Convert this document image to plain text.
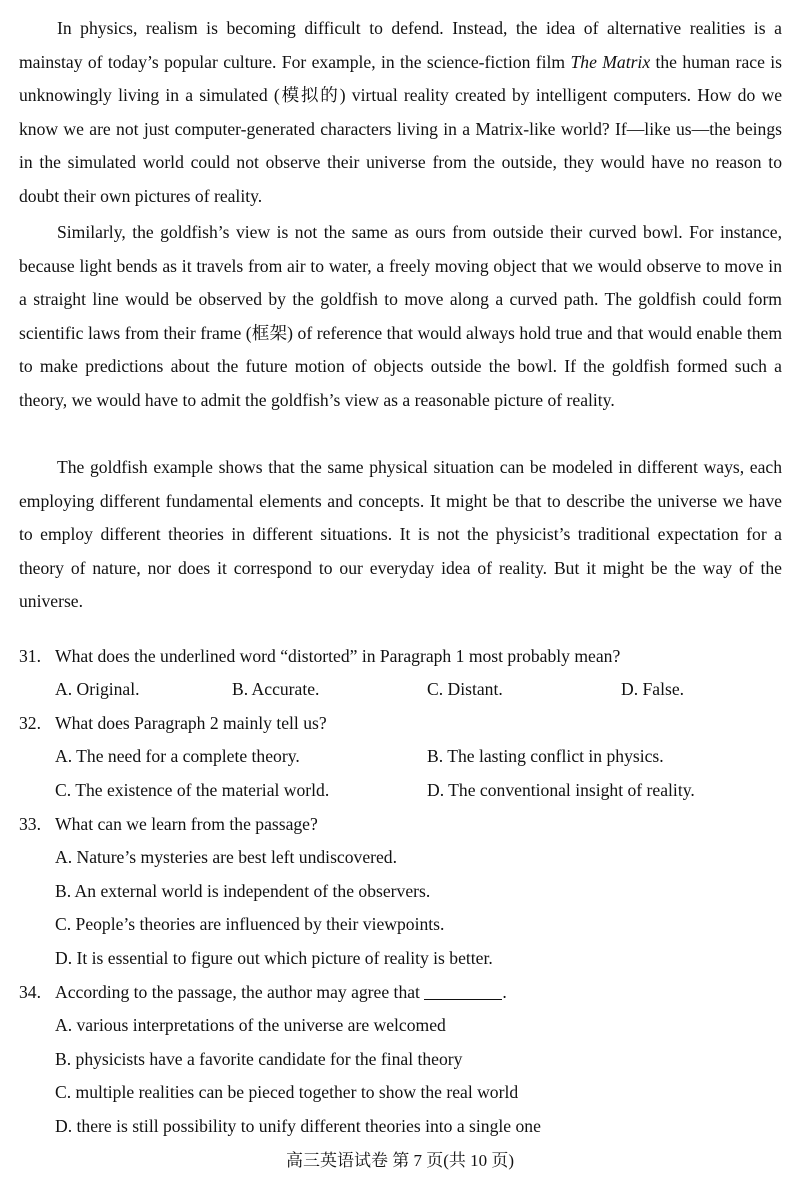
In physics, realism is becoming difficult to defend. Instead, the idea of alternative realities is a mainstay of today’s popular culture. For example, in the science-fiction film The Matrix the human race is unknowingly living in a simulated (模拟的) virtual reality created by intelligent computers. How do we know we are not just computer-generated characters living in a Matrix-like world? If—like us—the beings in the simulated world could not observe their universe from the outside, they would have no reason to doubt their own pictures of reality.

Similarly, the goldfish’s view is not the same as ours from outside their curved bowl. For instance, because light bends as it travels from air to water, a freely moving object that we would observe to move in a straight line would be observed by the goldfish to move along a curved path. The goldfish could form scientific laws from their frame (框架) of reference that would always hold true and that would enable them to make predictions about the future motion of objects outside the bowl. If the goldfish formed such a theory, we would have to admit the goldfish’s view as a reasonable picture of reality.

The goldfish example shows that the same physical situation can be modeled in different ways, each employing different fundamental elements and concepts. It might be that to describe the universe we have to employ different theories in different situations. It is not the physicist’s traditional expectation for a theory of nature, nor does it correspond to our everyday idea of reality. But it might be the way of the universe.

31. What does the underlined word “distorted” in Paragraph 1 most probably mean?
A. Original.	B. Accurate.	C. Distant.	D. False.
32. What does Paragraph 2 mainly tell us?
A. The need for a complete theory.	B. The lasting conflict in physics.
C. The existence of the material world.	D. The conventional insight of reality.
33. What can we learn from the passage?
A. Nature’s mysteries are best left undiscovered.
B. An external world is independent of the observers.
C. People’s theories are influenced by their viewpoints.
D. It is essential to figure out which picture of reality is better.
34. According to the passage, the author may agree that	.
A. various interpretations of the universe are welcomed
B. physicists have a favorite candidate for the final theory
C. multiple realities can be pieced together to show the real world
D. there is still possibility to unify different theories into a single one
高三英语试卷 第 7 页(共 10 页)
